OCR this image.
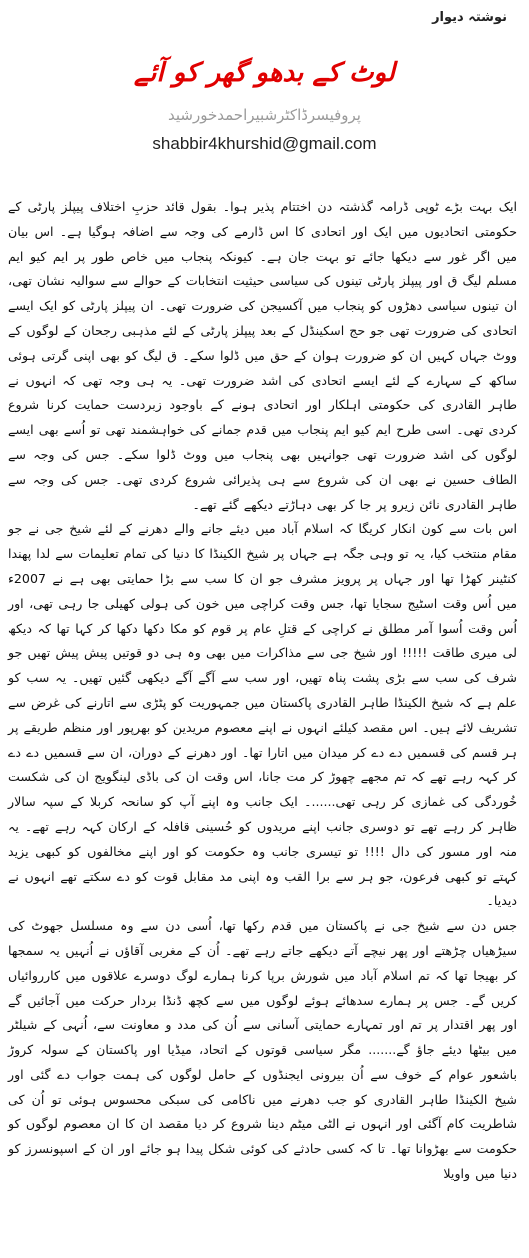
نوشتہ دیوار
لوٹ کے بدھو گھر کو آئے
پروفیسرڈاکٹرشبیراحمدخورشید
shabbir4khurshid@gmail.com

ایک بہت بڑے ٹوپی ڈرامہ گذشتہ دن اختتام پذیر ہوا۔ بقول قائد حزبِ اختلاف پیپلز پارٹی کے حکومتی اتحادیوں میں ایک اور اتحادی کا اس ڈارمے کی وجہ سے اضافہ ہوگیا ہے۔ اس بیان میں اگر غور سے دیکھا جائے تو بہت جان ہے۔ کیونکہ پنجاب میں خاص طور پر ایم کیو ایم مسلم لیگ ق اور پیپلز پارٹی تینوں کی سیاسی حیثیت انتخابات کے حوالے سے سوالیہ نشان تھی، ان تینوں سیاسی دھڑوں کو پنجاب میں آکسیجن کی ضرورت تھی۔ ان پیپلز پارٹی کو ایک ایسے اتحادی کی ضرورت تھی جو حج اسکینڈل کے بعد پیپلز پارٹی کے لئے مذہبی رجحان کے لوگوں کے ووٹ جہاں کہیں ان کو ضرورت ہوان کے حق میں ڈلوا سکے۔ ق لیگ کو بھی اپنی گرتی ہوئی ساکھ کے سہارے کے لئے ایسے اتحادی کی اشد ضرورت تھی۔ یہ ہی وجہ تھی کہ انہوں نے طاہر القادری کی حکومتی اہلکار اور اتحادی ہونے کے باوجود زبردست حمایت کرنا شروع کردی تھی۔ اسی طرح ایم کیو ایم پنجاب میں قدم جمانے کی خواہشمند تھی تو اُسے بھی ایسے لوگوں کی اشد ضرورت تھی جوانہیں بھی پنجاب میں ووٹ ڈلوا سکے۔ جس کی وجہ سے الطاف حسین نے بھی ان کی شروع سے ہی پذیرائی شروع کردی تھی۔ جس کی وجہ سے طاہر القادری نائن زیرو پر جا کر بھی دہاڑتے دیکھے گئے تھے۔

اس بات سے کون انکار کریگا کہ اسلام آباد میں دیئے جانے والے دھرنے کے لئے شیخ جی نے جو مقام منتخب کیا، یہ تو وہی جگہ ہے جہاں پر شیخ الکینڈا کا دنیا کی تمام تعلیمات سے لدا پھندا کنٹینر کھڑا تھا اور جہاں پر پرویز مشرف جو ان کا سب سے بڑا حمایتی بھی ہے نے 2007ء میں اُس وقت اسٹیج سجایا تھا، جس وقت کراچی میں خون کی ہولی کھیلی جا رہی تھی، اور اُس وقت اُسوا آمر مطلق نے کراچی کے قتلِ عام پر قوم کو مکا دکھا دکھا کر کہا تھا کہ دیکھ لی میری طاقت !!!!! اور شیخ جی سے مذاکرات میں بھی وہ ہی دو قوتیں پیش پیش تھیں جو شرف کی سب سے بڑی پشت پناہ تھیں، اور سب سے آگے آگے دیکھی گئیں تھیں۔ یہ سب کو علم ہے کہ شیخ الکینڈا طاہر القادری پاکستان میں جمہوریت کو پٹڑی سے اتارنے کی غرض سے تشریف لائے ہیں۔ اس مقصد کیلئے انہوں نے اپنے معصوم مریدین کو بھرپور اور منظم طریقے پر ہر قسم کی قسمیں دے دے کر میدان میں اتارا تھا۔ اور دھرنے کے دوران، ان سے قسمیں دے دے کر کہہ رہے تھے کہ تم مجھے چھوڑ کر مت جانا، اس وقت ان کی باڈی لینگویج ان کی شکست خُوردگی کی غمازی کر رہی تھی......۔ ایک جانب وہ اپنے آپ کو سانحہ کربلا کے سپہ سالار ظاہر کر رہے تھے تو دوسری جانب اپنے مریدوں کو حُسینی قافلہ کے ارکان کہہ رہے تھے۔ یہ منہ اور مسور کی دال !!!! تو تیسری جانب وہ حکومت کو اور اپنے مخالفوں کو کبھی یزید کہتے تو کبھی فرعون، جو ہر سے برا القب وہ اپنی مد مقابل قوت کو دے سکتے تھے انہوں نے دیدیا۔

جس دن سے شیخ جی نے پاکستان میں قدم رکھا تھا، اُسی دن سے وہ مسلسل جھوٹ کی سیڑھیاں چڑھتے اور پھر نیچے آتے دیکھے جاتے رہے تھے۔ اُن کے مغربی آقاؤں نے اُنہیں یہ سمجھا کر بھیجا تھا کہ تم اسلام آباد میں شورش برپا کرنا ہمارے لوگ دوسرے علاقوں میں کارروائیاں کریں گے۔ جس پر ہمارے سدھائے ہوئے لوگوں میں سے کچھ ڈنڈا بردار حرکت میں آجائیں گے اور پھر اقتدار پر تم اور تمہارے حمایتی آسانی سے اُن کی مدد و معاونت سے، اُنہی کے شیلٹر میں بیٹھا دیئے جاؤ گے....... مگر سیاسی قوتوں کے اتحاد، میڈیا اور پاکستان کے سولہ کروڑ باشعور عوام کے خوف سے اُن بیرونی ایجنڈوں کے حامل لوگوں کی ہمت جواب دے گئی اور شیخ الکینڈا طاہر القادری کو جب دھرنے میں ناکامی کی سبکی محسوس ہوئی تو اُن کی شاطریت کام آگئی اور انہوں نے الٹی میٹم دینا شروع کر دیا مقصد ان کا ان معصوم لوگوں کو حکومت سے بھڑوانا تھا۔ تا کہ کسی حادثے کی کوئی شکل پیدا ہو جائے اور ان کے اسپونسرز کو دنیا میں واویلا
